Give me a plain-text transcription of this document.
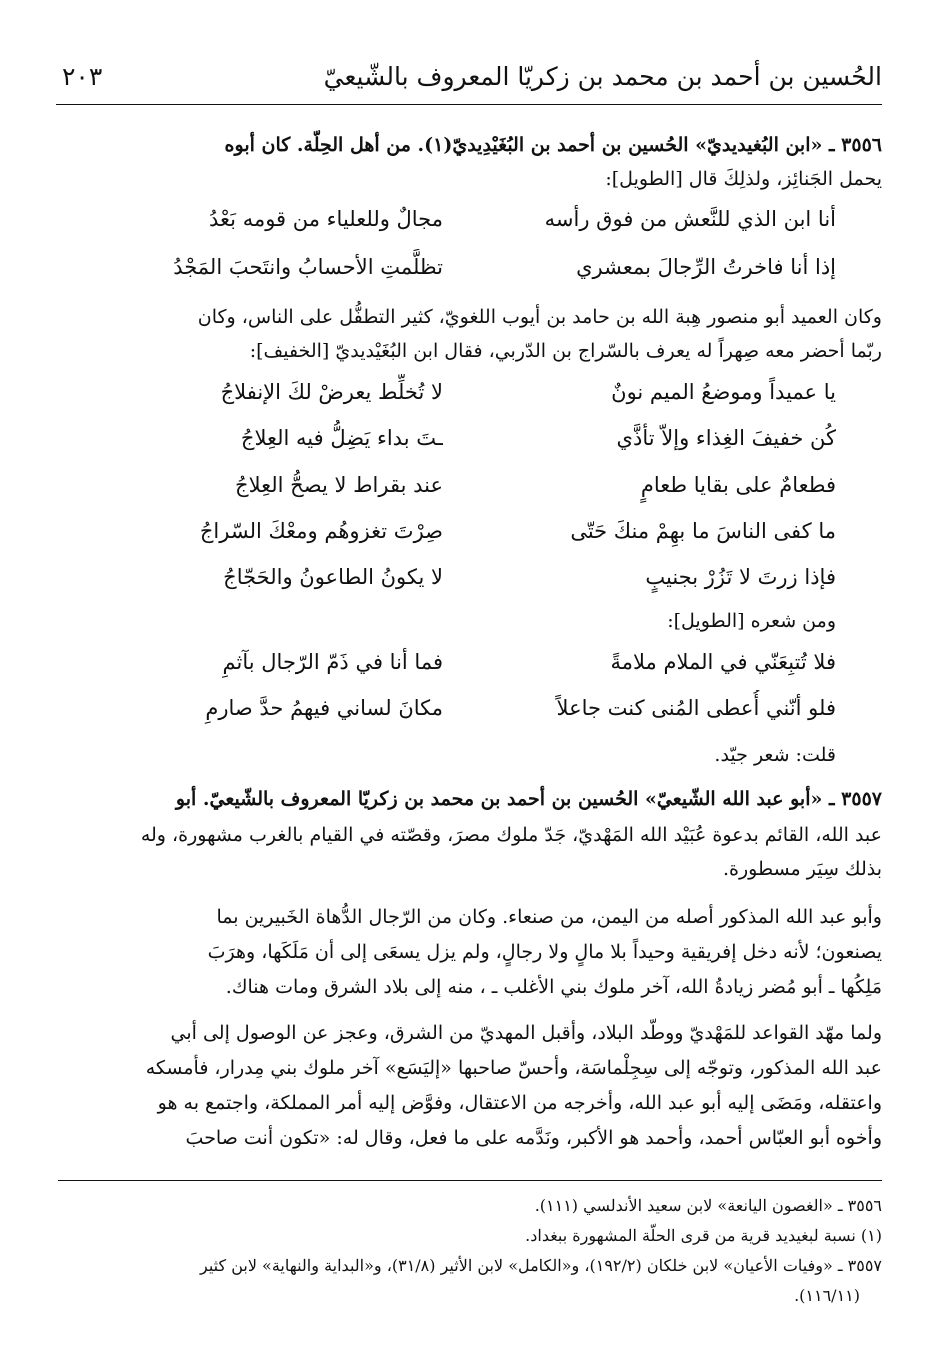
الحُسين بن أحمد بن محمد بن زكريّا المعروف بالشّيعيّ
٢٠٣
٣٥٥٦ ـ «ابن البُغيديديّ» الحُسين بن أحمد بن البُغَيْدِيديّ(١). من أهل الحِلّة. كان أبوه
يحمل الجَنائِز، ولذلِكَ قال [الطويل]:
أنا ابن الذي للنَّعش من فوق رأسه
مجالٌ وللعلياء من قومه بَعْدُ
إذا أنا فاخرتُ الرِّجالَ بمعشري
تظلَّمتِ الأحسابُ وانتَحبَ المَجْدُ
وكان العميد أبو منصور هِبة الله بن حامد بن أيوب اللغويّ، كثير التطفُّل على الناس، وكان
ربّما أحضر معه صِهراً له يعرف بالسّراج بن الدّربي، فقال ابن البُغَيْديديّ [الخفيف]:
يا عميداً وموضعُ الميم نونٌ
لا تُخلِّط يعرضْ لكَ الإنفلاجُ
كُن خفيفَ الغِذاء وإلاّ تأذَّي
ـتَ بداء يَضِلُّ فيه العِلاجُ
فطعامٌ على بقايا طعامٍ
عند بقراط لا يصحُّ العِلاجُ
ما كفى الناسَ ما بهِمْ منكَ حَتّى
صِرْتَ تغزوهُم ومعْكَ السّراجُ
فإذا زرتَ لا تَزُرْ بجنيبٍ
لا يكونُ الطاعونُ والحَجّاجُ
ومن شعره [الطويل]:
فلا تُتبِعَنّي في الملام ملامةً
فما أنا في ذَمّ الرّجال بآثمِ
فلو أنّني أُعطى المُنى كنت جاعلاً
مكانَ لساني فيهمُ حدَّ صارمِ
قلت: شعر جيّد.
٣٥٥٧ ـ «أبو عبد الله الشّيعيّ» الحُسين بن أحمد بن محمد بن زكريّا المعروف بالشّيعيّ. أبو
عبد الله، القائم بدعوة عُبَيْد الله المَهْديّ، جَدّ ملوك مصرَ، وقصّته في القيام بالغرب مشهورة، وله
بذلك سِيَر مسطورة.
وأبو عبد الله المذكور أصله من اليمن، من صنعاء. وكان من الرّجال الدُّهاة الخَبيرين بما
يصنعون؛ لأنه دخل إفريقية وحيداً بلا مالٍ ولا رجالٍ، ولم يزل يسعَى إلى أن مَلَكَها، وهرَبَ
مَلِكُها ـ أبو مُضر زيادةُ الله، آخر ملوك بني الأغلب ـ ، منه إلى بلاد الشرق ومات هناك.
ولما مهّد القواعد للمَهْديّ ووطّد البلاد، وأقبل المهديّ من الشرق، وعجز عن الوصول إلى أبي
عبد الله المذكور، وتوجّه إلى سِجِلْماسَة، وأحسّ صاحبها «إليَسَع» آخر ملوك بني مِدرار، فأمسكه
واعتقله، ومَضَى إليه أبو عبد الله، وأخرجه من الاعتقال، وفوَّض إليه أمر المملكة، واجتمع به هو
وأخوه أبو العبّاس أحمد، وأحمد هو الأكبر، ونَدَّمه على ما فعل، وقال له: «تكون أنت صاحبَ
٣٥٥٦ ـ «الغصون اليانعة» لابن سعيد الأندلسي (١١١).
(١) نسبة لبغيديد قرية من قرى الحلّة المشهورة ببغداد.
٣٥٥٧ ـ «وفيات الأعيان» لابن خلكان (١٩٢/٢)، و«الكامل» لابن الأثير (٣١/٨)، و«البداية والنهاية» لابن كثير
(١١٦/١١).
